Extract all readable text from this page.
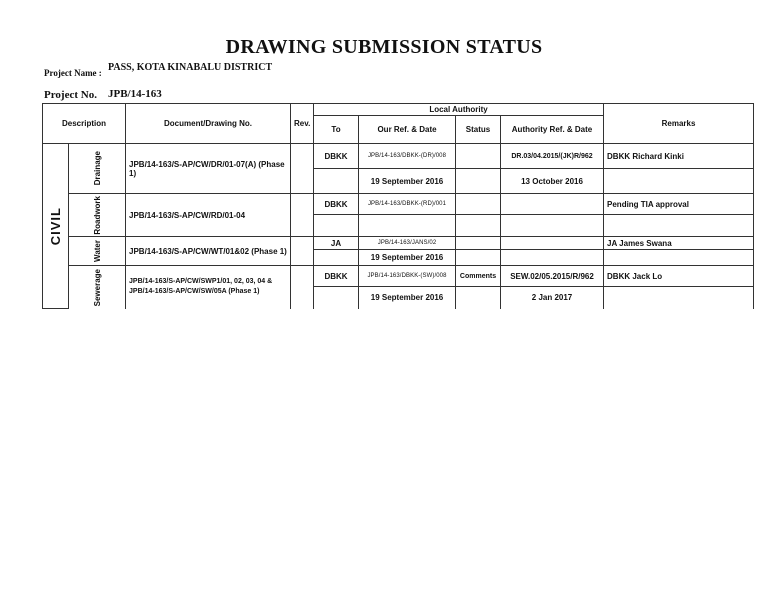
DRAWING SUBMISSION STATUS
Project Name : PASS, KOTA KINABALU DISTRICT
Project No. JPB/14-163
Description		Document/Drawing No.	Rev.	Local Authority				Remarks
				To	Our Ref. & Date	Status	Authority Ref. & Date	

CIVIL	Drainage	JPB/14-163/S-AP/CW/DR/01-07(A) (Phase 1)		DBKK	JPB/14-163/DBKK-(DR)/008		DR.03/04.2015/(JK)R/962	DBKK Richard Kinki
					19 September 2016		13 October 2016	

	Roadwork	JPB/14-163/S-AP/CW/RD/01-04		DBKK	JPB/14-163/DBKK-(RD)/001			Pending TIA approval

	Water	JPB/14-163/S-AP/CW/WT/01&02 (Phase 1)		JA	JPB/14-163/JANS/02			JA James Swana
					19 September 2016			

	Sewerage	JPB/14-163/S-AP/CW/SWP1/01, 02, 03, 04 & JPB/14-163/S-AP/CW/SW/05A (Phase 1)		DBKK	JPB/14-163/DBKK-(SW)/008	Comments	SEW.02/05.2015/R/962	DBKK Jack Lo
					19 September 2016		2 Jan 2017	
